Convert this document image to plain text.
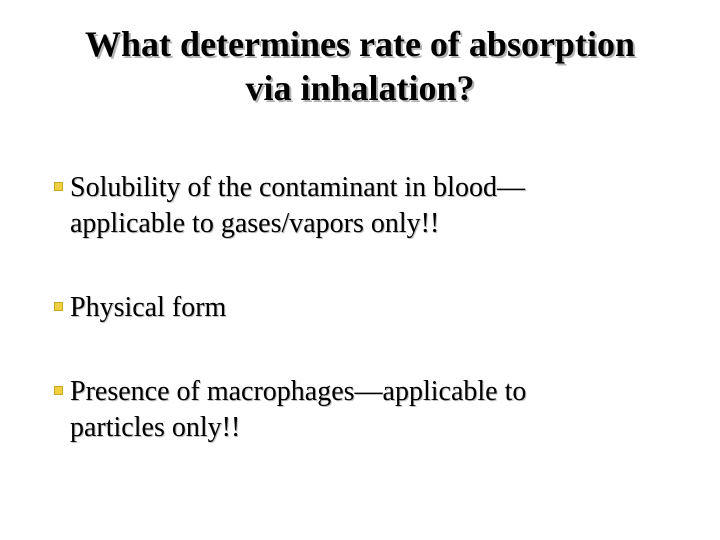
What determines rate of absorption
via inhalation?
Solubility of the contaminant in blood—
applicable to gases/vapors only!!
Physical form
Presence of macrophages—applicable to
particles only!!
